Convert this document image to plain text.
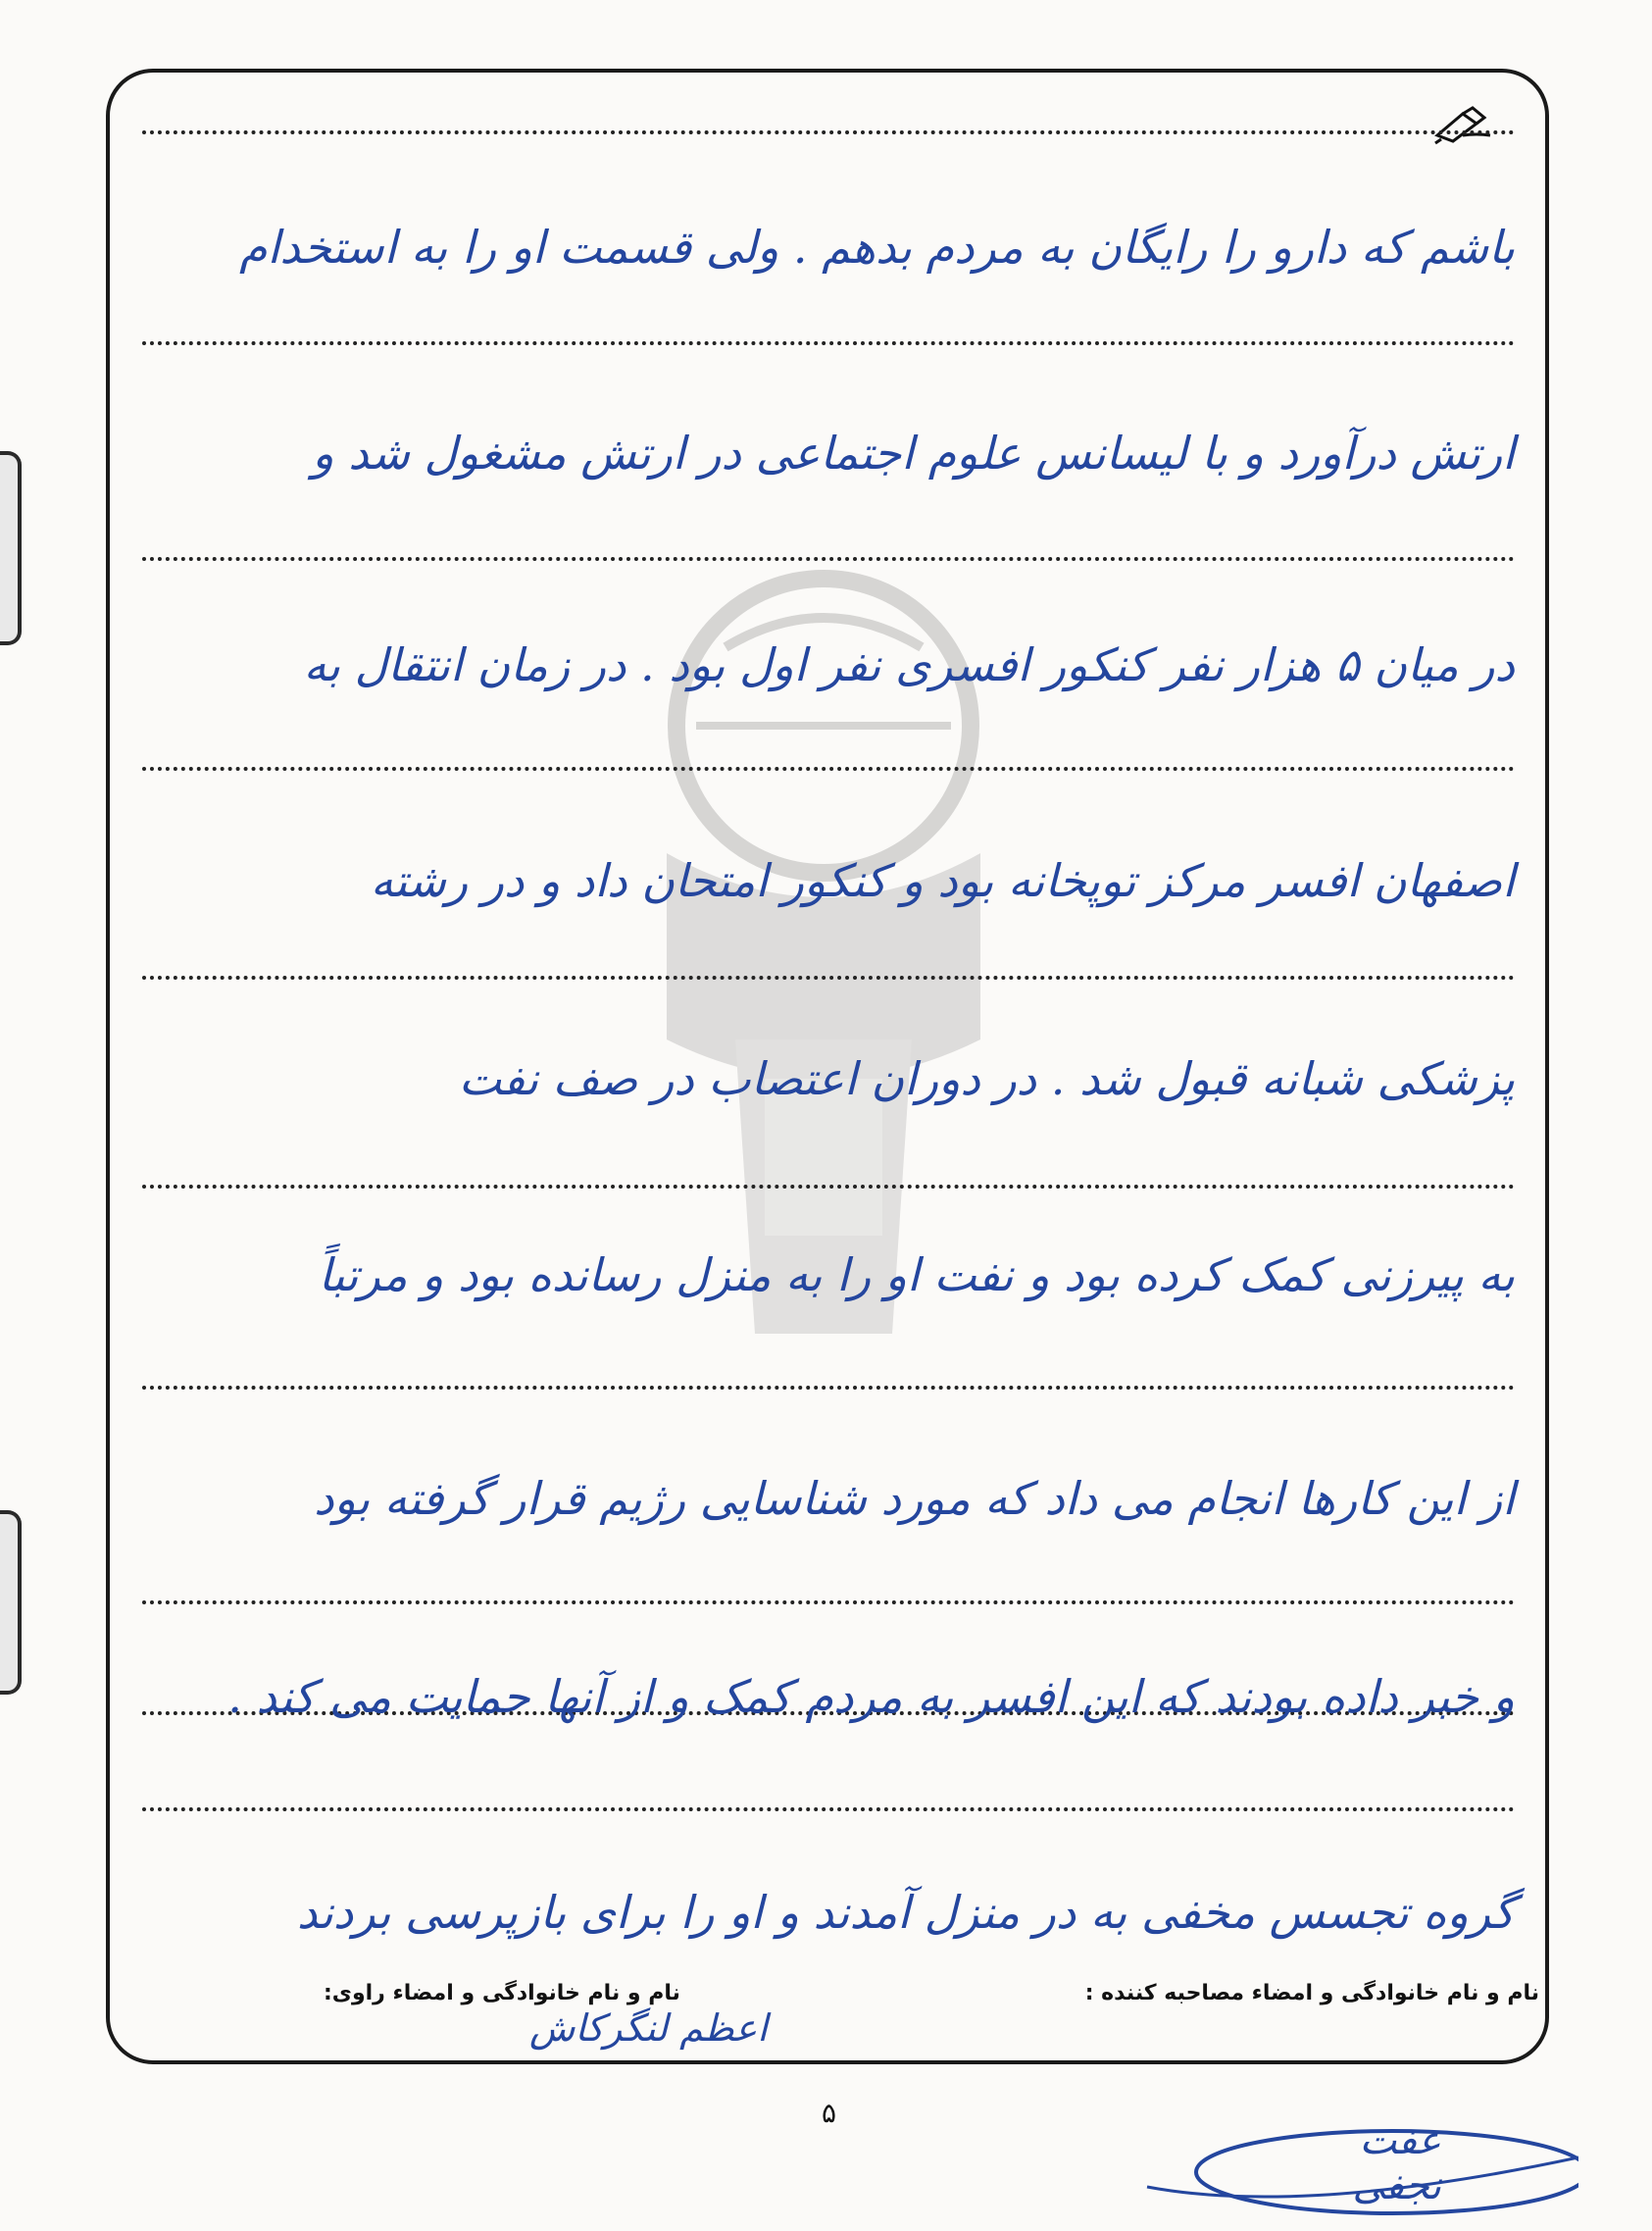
باشم که دارو را رایگان به مردم بدهم . ولی قسمت او را به استخدام
ارتش درآورد و با لیسانس علوم اجتماعی در ارتش مشغول شد و
در میان ۵ هزار نفر کنکور افسری نفر اول بود . در زمان انتقال به
اصفهان افسر مرکز توپخانه بود و کنکور امتحان داد و در رشته
پزشکی شبانه قبول شد . در دوران اعتصاب در صف نفت
به پیرزنی کمک کرده بود و نفت او را به منزل رسانده بود و مرتباً
از این کارها انجام می داد که مورد شناسایی رژیم قرار گرفته بود
و خبر داده بودند که این افسر به مردم کمک و از آنها حمایت می کند .
گروه تجسس مخفی به در منزل آمدند و او را برای بازپرسی بردند
نام و نام خانوادگی و امضاء راوی:	نام و نام خانوادگی و امضاء مصاحبه کننده :
اعظم لنگرکاش
۵
عفت نجفی
